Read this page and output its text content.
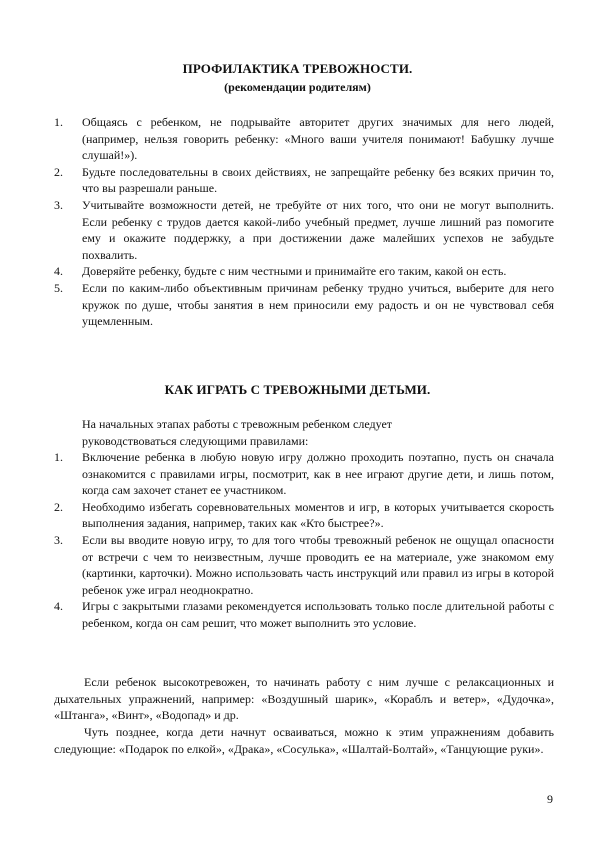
ПРОФИЛАКТИКА ТРЕВОЖНОСТИ.
(рекомендации родителям)

1. Общаясь с ребенком, не подрывайте авторитет других значимых для него людей, (например, нельзя говорить ребенку: «Много ваши учителя понимают! Бабушку лучше слушай!»).

2. Будьте последовательны в своих действиях, не запрещайте ребенку без всяких причин то, что вы разрешали раньше.

3. Учитывайте возможности детей, не требуйте от них того, что они не могут выполнить. Если ребенку с трудов дается какой-либо учебный предмет, лучше лишний раз помогите ему и окажите поддержку, а при достижении даже малейших успехов не забудьте похвалить.

4. Доверяйте ребенку, будьте с ним честными и принимайте его таким, какой он есть.

5. Если по каким-либо объективным причинам ребенку трудно учиться, выберите для него кружок по душе, чтобы занятия в нем приносили ему радость и он не чувствовал себя ущемленным.

КАК ИГРАТЬ С ТРЕВОЖНЫМИ ДЕТЬМИ.
На начальных этапах работы с тревожным ребенком следует руководствоваться следующими правилами:

1. Включение ребенка в любую новую игру должно проходить поэтапно, пусть он сначала ознакомится с правилами игры, посмотрит, как в нее играют другие дети, и лишь потом, когда сам захочет станет ее участником.

2. Необходимо избегать соревновательных моментов и игр, в которых учитывается скорость выполнения задания, например, таких как «Кто быстрее?».

3. Если вы вводите новую игру, то для того чтобы тревожный ребенок не ощущал опасности от встречи с чем то неизвестным, лучше проводить ее на материале, уже знакомом ему (картинки, карточки). Можно использовать часть инструкций или правил из игры в которой ребенок уже играл неоднократно.

4. Игры с закрытыми глазами рекомендуется использовать только после длительной работы с ребенком, когда он сам решит, что может выполнить это условие.

Если ребенок высокотревожен, то начинать работу с ним лучше с релаксационных и дыхательных упражнений, например: «Воздушный шарик», «Кораблъ и ветер», «Дудочка», «Штанга», «Винт», «Водопад» и др.
Чуть позднее, когда дети начнут осваиваться, можно к этим упражнениям добавить следующие: «Подарок по елкой», «Драка», «Сосулька», «Шалтай-Болтай», «Танцующие руки».
9
